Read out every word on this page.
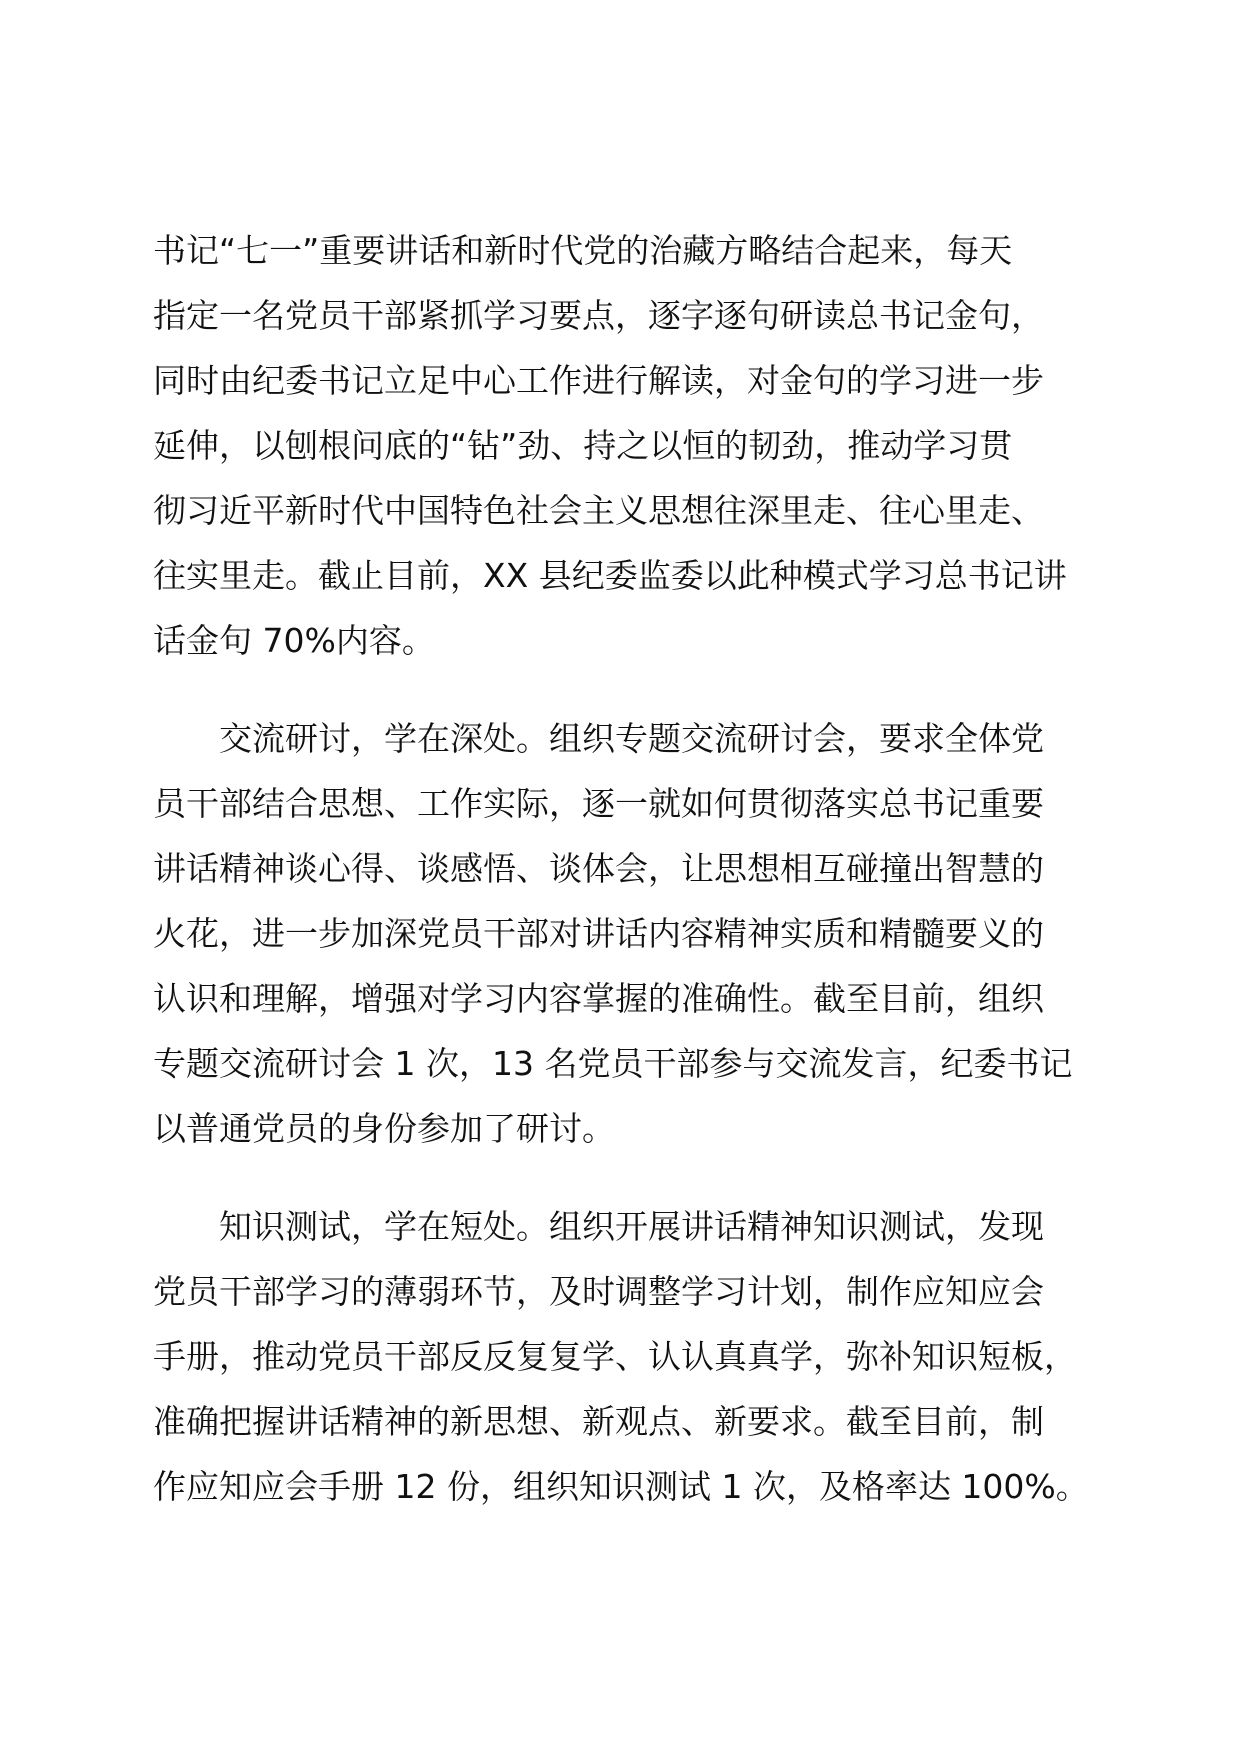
书记“七一”重要讲话和新时代党的治藏方略结合起来，每天
指定一名党员干部紧抓学习要点，逐字逐句研读总书记金句，
同时由纪委书记立足中心工作进行解读，对金句的学习进一步
延伸，以刨根问底的“钻”劲、持之以恒的韧劲，推动学习贯
彻习近平新时代中国特色社会主义思想往深里走、往心里走、
往实里走。截止目前，XX 县纪委监委以此种模式学习总书记讲
话金句 70%内容。

　　交流研讨，学在深处。组织专题交流研讨会，要求全体党
员干部结合思想、工作实际，逐一就如何贯彻落实总书记重要
讲话精神谈心得、谈感悟、谈体会，让思想相互碰撞出智慧的
火花，进一步加深党员干部对讲话内容精神实质和精髓要义的
认识和理解，增强对学习内容掌握的准确性。截至目前，组织
专题交流研讨会 1 次，13 名党员干部参与交流发言，纪委书记
以普通党员的身份参加了研讨。

　　知识测试，学在短处。组织开展讲话精神知识测试，发现
党员干部学习的薄弱环节，及时调整学习计划，制作应知应会
手册，推动党员干部反反复复学、认认真真学，弥补知识短板，
准确把握讲话精神的新思想、新观点、新要求。截至目前，制
作应知应会手册 12 份，组织知识测试 1 次，及格率达 100%。
